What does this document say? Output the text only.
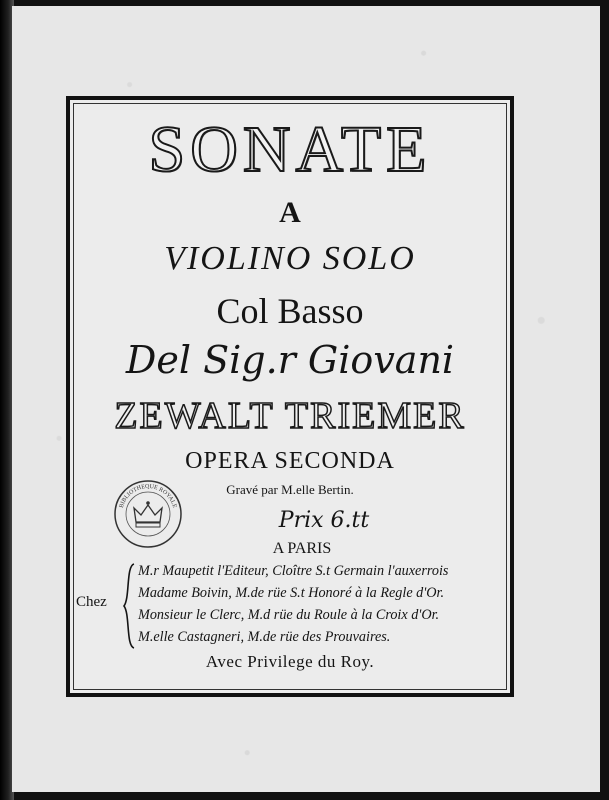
SONATE
A
VIOLINO SOLO
Col Basso
Del Sig.r Giovani
ZEWALT TRIEMER
OPERA SECONDA
Gravé par M.elle Bertin.
Prix 6.tt
A PARIS
Chez
M.r Maupetit l'Editeur, Cloître S.t Germain l'auxerrois
Madame Boivin, M.de rüe S.t Honoré à la Regle d'Or.
Monsieur le Clerc, M.d rüe du Roule à la Croix d'Or.
M.elle Castagneri, M.de rüe des Prouvaires.
Avec Privilege du Roy.
BIBLIOTHEQUE ROYALE
